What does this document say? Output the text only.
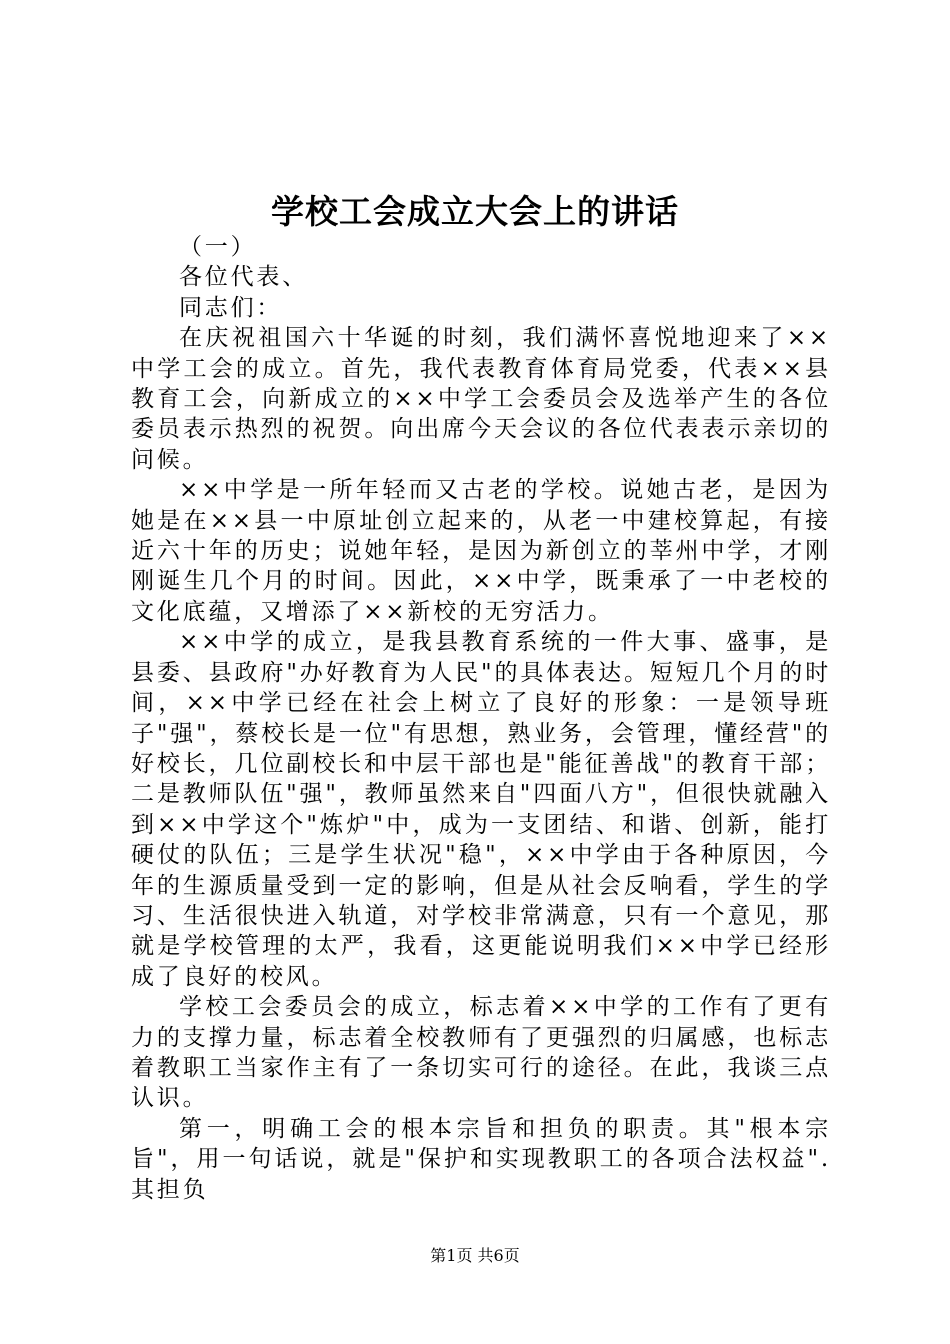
学校工会成立大会上的讲话

（一）

各位代表、

同志们：

在庆祝祖国六十华诞的时刻，我们满怀喜悦地迎来了××中学工会的成立。首先，我代表教育体育局党委，代表××县教育工会，向新成立的××中学工会委员会及选举产生的各位委员表示热烈的祝贺。向出席今天会议的各位代表表示亲切的问候。

××中学是一所年轻而又古老的学校。说她古老，是因为她是在××县一中原址创立起来的，从老一中建校算起，有接近六十年的历史；说她年轻，是因为新创立的莘州中学，才刚刚诞生几个月的时间。因此，××中学，既秉承了一中老校的文化底蕴，又增添了××新校的无穷活力。

××中学的成立，是我县教育系统的一件大事、盛事，是县委、县政府"办好教育为人民"的具体表达。短短几个月的时间，××中学已经在社会上树立了良好的形象：一是领导班子"强"，蔡校长是一位"有思想，熟业务，会管理，懂经营"的好校长，几位副校长和中层干部也是"能征善战"的教育干部；二是教师队伍"强"，教师虽然来自"四面八方"，但很快就融入到××中学这个"炼炉"中，成为一支团结、和谐、创新，能打硬仗的队伍；三是学生状况"稳"，××中学由于各种原因，今年的生源质量受到一定的影响，但是从社会反响看，学生的学习、生活很快进入轨道，对学校非常满意，只有一个意见，那就是学校管理的太严，我看，这更能说明我们××中学已经形成了良好的校风。

学校工会委员会的成立，标志着××中学的工作有了更有力的支撑力量，标志着全校教师有了更强烈的归属感，也标志着教职工当家作主有了一条切实可行的途径。在此，我谈三点认识。

第一，明确工会的根本宗旨和担负的职责。其"根本宗旨"，用一句话说，就是"保护和实现教职工的各项合法权益".其担负

第1页 共6页
